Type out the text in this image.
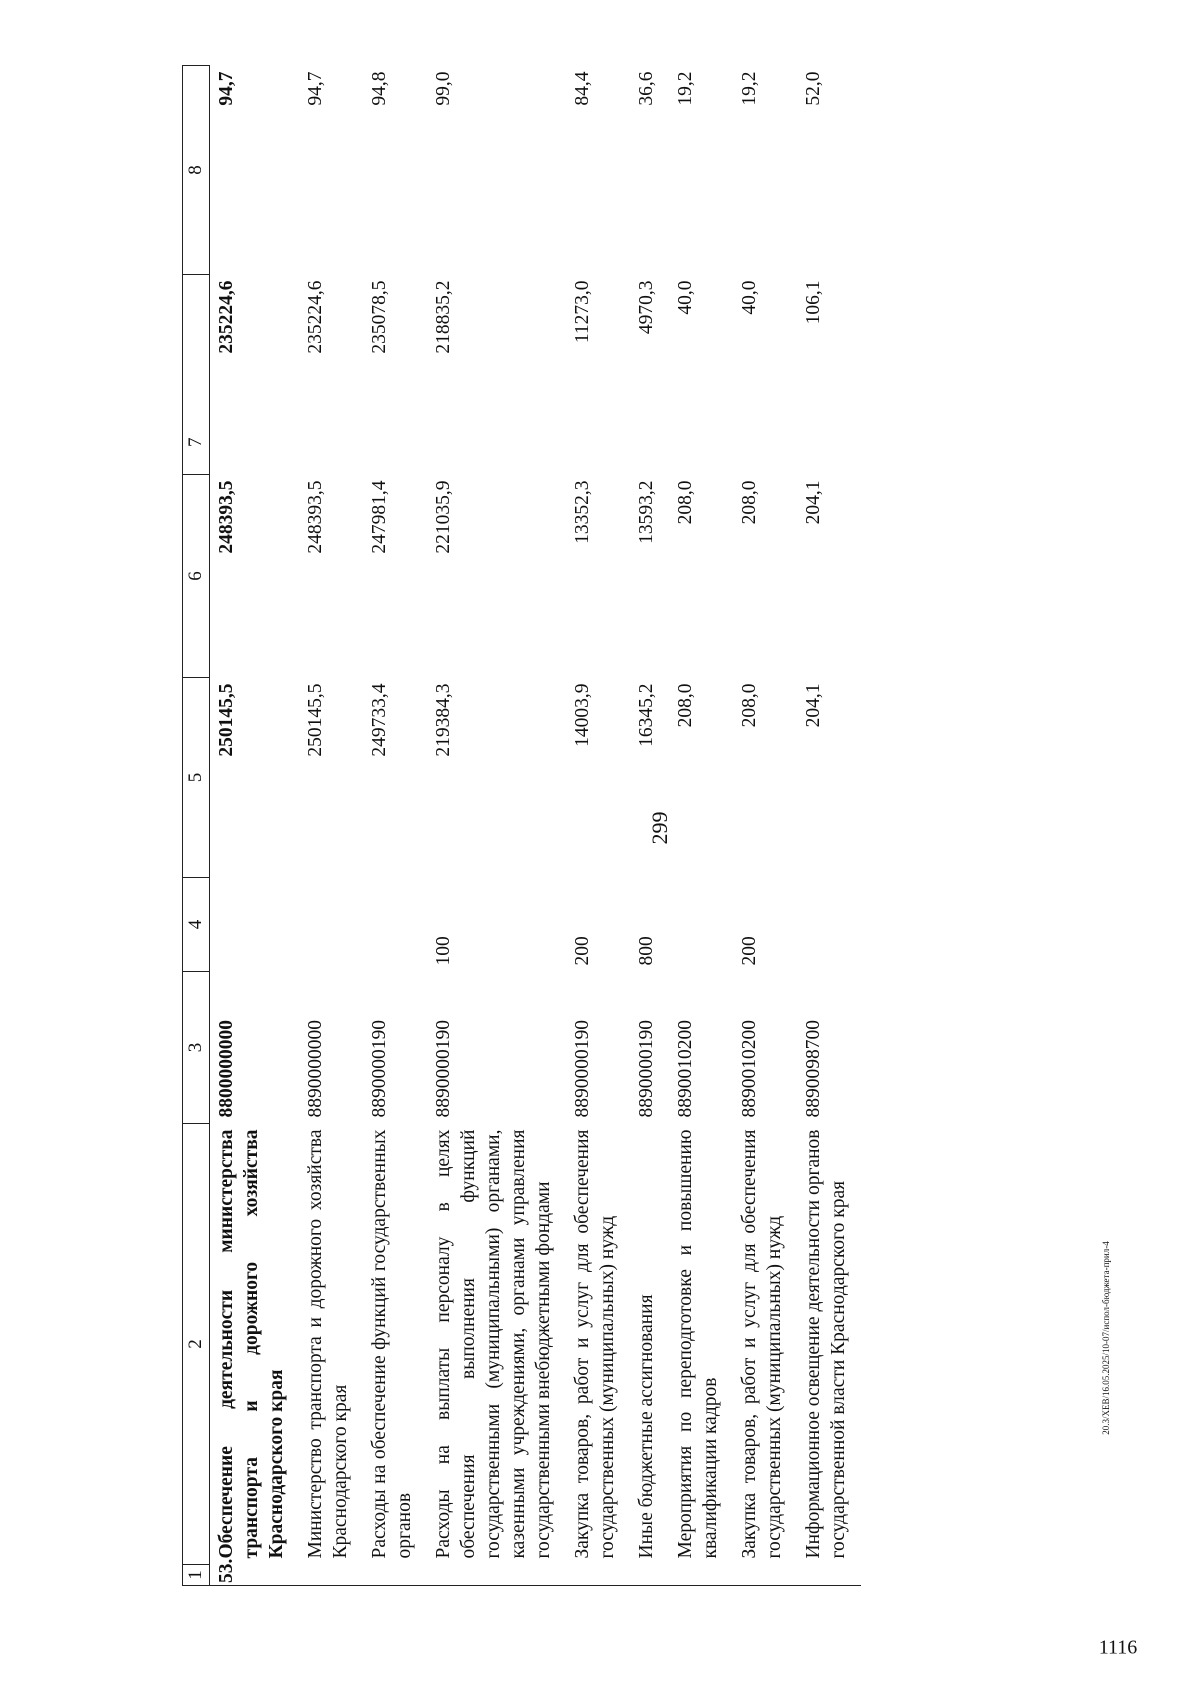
299
20.3/XEB/16.05.2025/10-07/испол-бюджета-прил-4
1116
1	2	3	4	5	6	7	8
53.	Обеспечение деятельности министерства транспорта и дорожного хозяйства Краснодарского края	8800000000		250145,5	248393,5	235224,6	94,7
	Министерство транспорта и дорожного хозяйства Краснодарского края	8890000000		250145,5	248393,5	235224,6	94,7
	Расходы на обеспечение функций государственных органов	8890000190		249733,4	247981,4	235078,5	94,8
	Расходы на выплаты персоналу в целях обеспечения выполнения функций государственными (муниципальными) органами, казенными учреждениями, органами управления государственными внебюджетными фондами	8890000190	100	219384,3	221035,9	218835,2	99,0
	Закупка товаров, работ и услуг для обеспечения государственных (муниципальных) нужд	8890000190	200	14003,9	13352,3	11273,0	84,4
	Иные бюджетные ассигнования	8890000190	800	16345,2	13593,2	4970,3	36,6
	Мероприятия по переподготовке и повышению квалификации кадров	8890010200		208,0	208,0	40,0	19,2
	Закупка товаров, работ и услуг для обеспечения государственных (муниципальных) нужд	8890010200	200	208,0	208,0	40,0	19,2
	Информационное освещение деятельности органов государственной власти Краснодарского края	8890098700		204,1	204,1	106,1	52,0
